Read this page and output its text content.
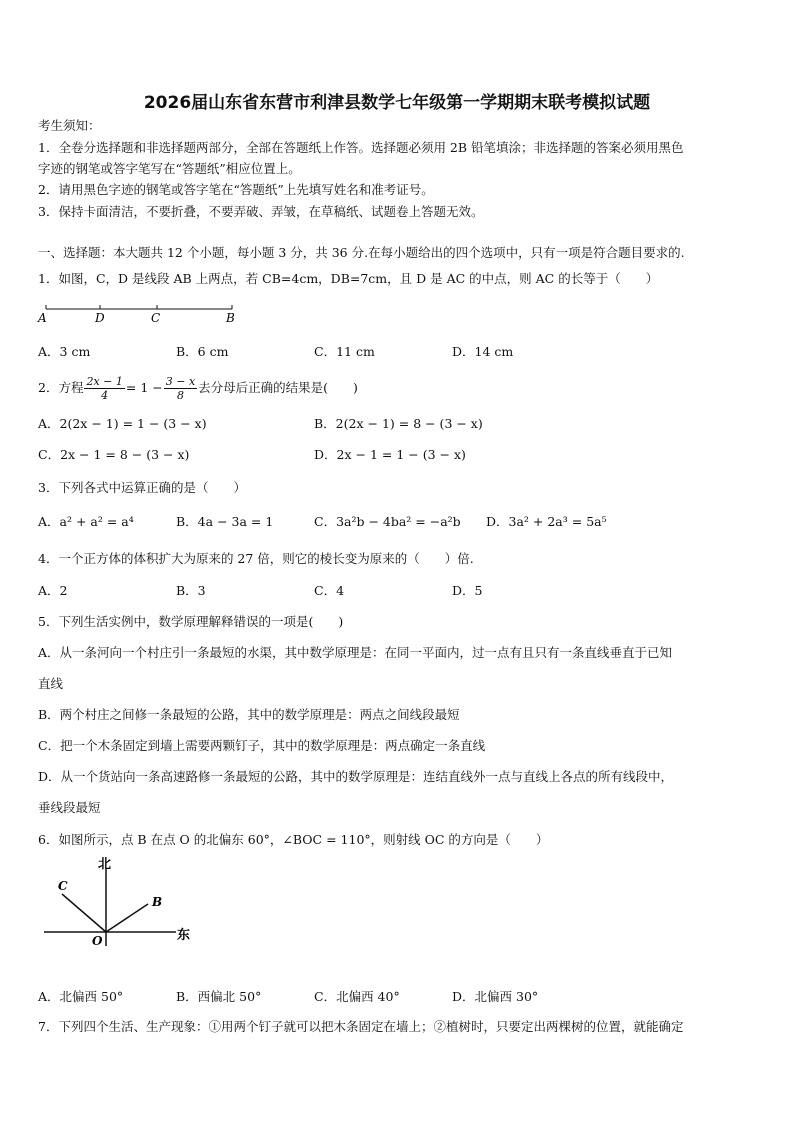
2026届山东省东营市利津县数学七年级第一学期期末联考模拟试题
考生须知：
1．全卷分选择题和非选择题两部分，全部在答题纸上作答。选择题必须用 2B 铅笔填涂；非选择题的答案必须用黑色
字迹的钢笔或答字笔写在“答题纸”相应位置上。
2．请用黑色字迹的钢笔或答字笔在“答题纸”上先填写姓名和准考证号。
3．保持卡面清洁，不要折叠，不要弄破、弄皱，在草稿纸、试题卷上答题无效。
一、选择题：本大题共 12 个小题，每小题 3 分，共 36 分.在每小题给出的四个选项中，只有一项是符合题目要求的.
1．如图，C，D 是线段 AB 上两点，若 CB=4cm，DB=7cm，且 D 是 AC 的中点，则 AC 的长等于（　　）
A	D	C	B
A．3 cm	B．6 cm	C．11 cm	D．14 cm
2．方程 $\frac{2x - 1}{4} = 1 - \frac{3 - x}{8}$ 去分母后正确的结果是(　　)
A．2(2x − 1) = 1 − (3 − x)	B．2(2x − 1) = 8 − (3 − x)
C．2x − 1 = 8 − (3 − x)	D．2x − 1 = 1 − (3 − x)
3．下列各式中运算正确的是（　　）
A．a² + a² = a⁴	B．4a − 3a = 1	C．3a²b − 4ba² = −a²b D．3a² + 2a³ = 5a⁵
4．一个正方体的体积扩大为原来的 27 倍，则它的棱长变为原来的（　　）倍.
A．2	B．3	C．4	D．5
5．下列生活实例中，数学原理解释错误的一项是(　　)
A．从一条河向一个村庄引一条最短的水渠，其中数学原理是：在同一平面内，过一点有且只有一条直线垂直于已知
直线
B．两个村庄之间修一条最短的公路，其中的数学原理是：两点之间线段最短
C．把一个木条固定到墙上需要两颗钉子，其中的数学原理是：两点确定一条直线
D．从一个货站向一条高速路修一条最短的公路，其中的数学原理是：连结直线外一点与直线上各点的所有线段中，
垂线段最短
6．如图所示，点 B 在点 O 的北偏东 60°，∠BOC = 110°，则射线 OC 的方向是（　　）
北
东
O
B
C
A．北偏西 50°	B．西偏北 50°	C．北偏西 40°	D．北偏西 30°
7．下列四个生活、生产现象：①用两个钉子就可以把木条固定在墙上；②植树时，只要定出两棵树的位置，就能确定
